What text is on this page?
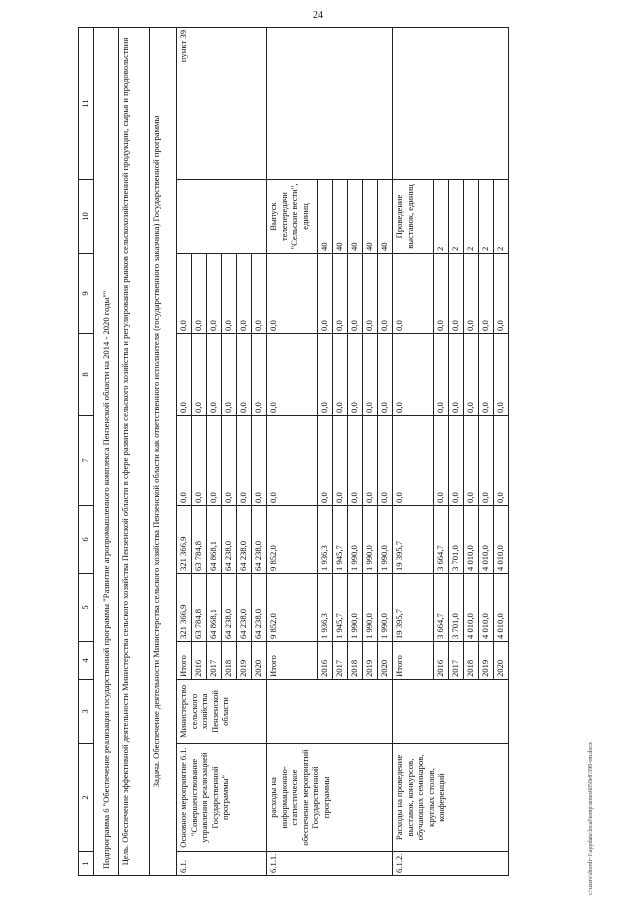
24
c:\users\sbordi~1\appdata\local\temp\notes6050e8\590-rm.docx
1	2	3	4	5	6	7	8	9	10	11
Подпрограмма 6 "Обеспечение реализации государственной программы "Развитие агропромышленного комплекса Пензенской области на 2014 - 2020 годы""										
Цель. Обеспечение эффективной деятельности Министерства сельского хозяйства Пензенской области в сфере развития сельского хозяйства и регулирования рынков сельскохозяйственной продукции, сырья и продовольствия										
Задача. Обеспечение деятельности Министерства сельского хозяйства Пензенской области как ответственного исполнителя (государственного заказчика) Государственной программы										
6.1.	Основное мероприятие 6.1. "Совершенствование управления реализацией Государственной программы"	Министерство сельского хозяйства Пензенской области	Итого	321 366,9	321 366,9	0,0	0,0	0,0		пункт 39
			2016	63 784,8	63 784,8	0,0	0,0	0,0		
			2017	64 868,1	64 868,1	0,0	0,0	0,0		
			2018	64 238,0	64 238,0	0,0	0,0	0,0		
			2019	64 238,0	64 238,0	0,0	0,0	0,0		
			2020	64 238,0	64 238,0	0,0	0,0	0,0		
6.1.1.	расходы на информационно-статистическое обеспечение мероприятий Государственной программы		Итого	9 852,0	9 852,0	0,0	0,0	0,0	Выпуск телепередачи "Сельские вести", единиц	
			2016	1 936,3	1 936,3	0,0	0,0	0,0	40	
			2017	1 945,7	1 945,7	0,0	0,0	0,0	40	
			2018	1 990,0	1 990,0	0,0	0,0	0,0	40	
			2019	1 990,0	1 990,0	0,0	0,0	0,0	40	
			2020	1 990,0	1 990,0	0,0	0,0	0,0	40	
6.1.2.	Расходы на проведение выставок, конкурсов, обучающих семинаров, круглых столов, конференций		Итого	19 395,7	19 395,7	0,0	0,0	0,0	Проведение выставок, единиц	
			2016	3 664,7	3 664,7	0,0	0,0	0,0	2	
			2017	3 701,0	3 701,0	0,0	0,0	0,0	2	
			2018	4 010,0	4 010,0	0,0	0,0	0,0	2	
			2019	4 010,0	4 010,0	0,0	0,0	0,0	2	
			2020	4 010,0	4 010,0	0,0	0,0	0,0	2	
